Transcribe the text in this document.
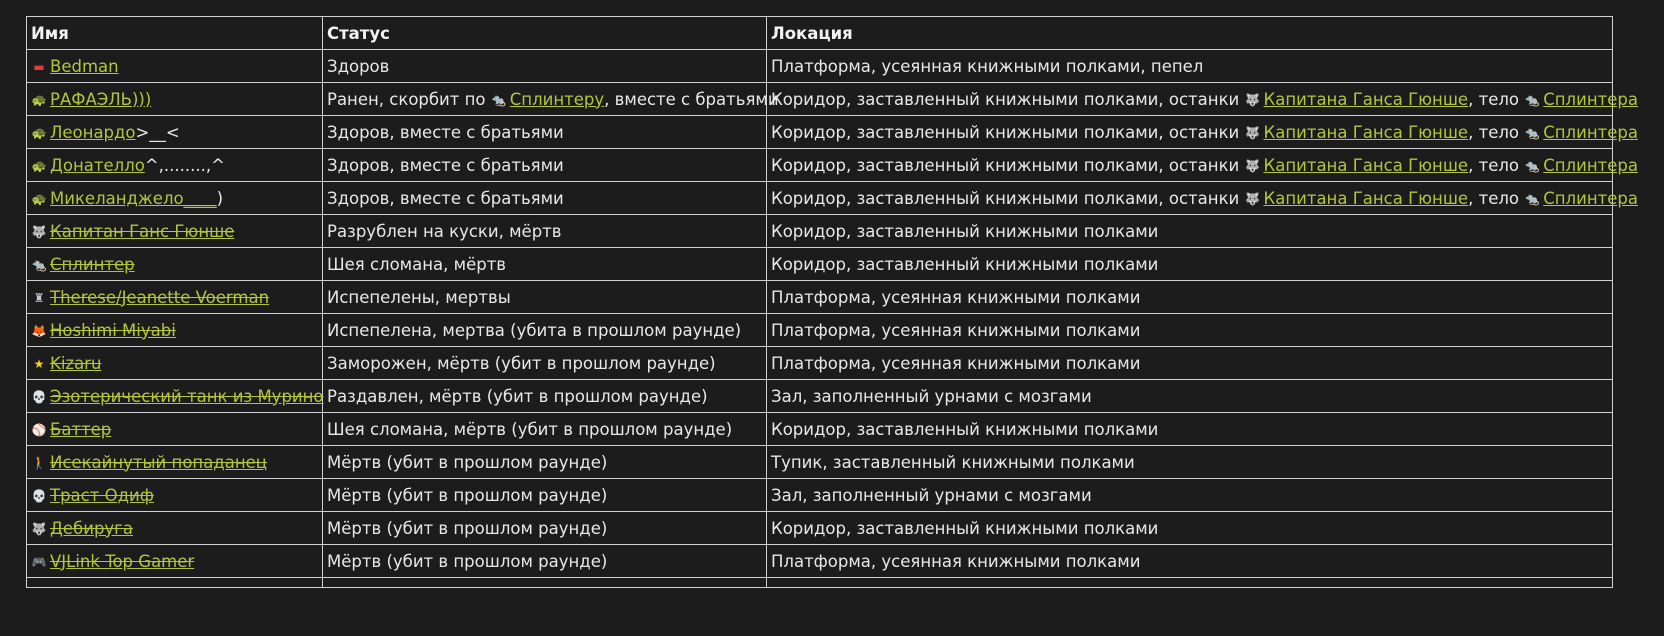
Имя	Статус	Локация
▬ Bedman	Здоров	Платформа, усеянная книжными полками, пепел
🐢 РАФАЭЛЬ)))	Ранен, скорбит по 🐀 Сплинтеру, вместе с братьями	Коридор, заставленный книжными полками, останки 🐺 Капитана Ганса Гюнше, тело 🐀 Сплинтера
🐢 Леонардо>__<	Здоров, вместе с братьями	Коридор, заставленный книжными полками, останки 🐺 Капитана Ганса Гюнше, тело 🐀 Сплинтера
🐢 Донателло^,........,^	Здоров, вместе с братьями	Коридор, заставленный книжными полками, останки 🐺 Капитана Ганса Гюнше, тело 🐀 Сплинтера
🐢 Микеланджело____)	Здоров, вместе с братьями	Коридор, заставленный книжными полками, останки 🐺 Капитана Ганса Гюнше, тело 🐀 Сплинтера
🐺 Капитан Ганс Гюнше	Разрублен на куски, мёртв	Коридор, заставленный книжными полками
🐀 Сплинтер	Шея сломана, мёртв	Коридор, заставленный книжными полками
♜ Therese/Jeanette Voerman	Испепелены, мертвы	Платформа, усеянная книжными полками
🦊 Hoshimi Miyabi	Испепелена, мертва (убита в прошлом раунде)	Платформа, усеянная книжными полками
★ Kizaru	Заморожен, мёртв (убит в прошлом раунде)	Платформа, усеянная книжными полками
💀 Эзотерический танк из Мурино	Раздавлен, мёртв (убит в прошлом раунде)	Зал, заполненный урнами с мозгами
⚾ Баттер	Шея сломана, мёртв (убит в прошлом раунде)	Коридор, заставленный книжными полками
🚶 Исекайнутый попаданец	Мёртв (убит в прошлом раунде)	Тупик, заставленный книжными полками
💀 Траст Одиф	Мёртв (убит в прошлом раунде)	Зал, заполненный урнами с мозгами
🐺 Дебируга	Мёртв (убит в прошлом раунде)	Коридор, заставленный книжными полками
🎮 VJLink Top Gamer	Мёртв (убит в прошлом раунде)	Платформа, усеянная книжными полками
